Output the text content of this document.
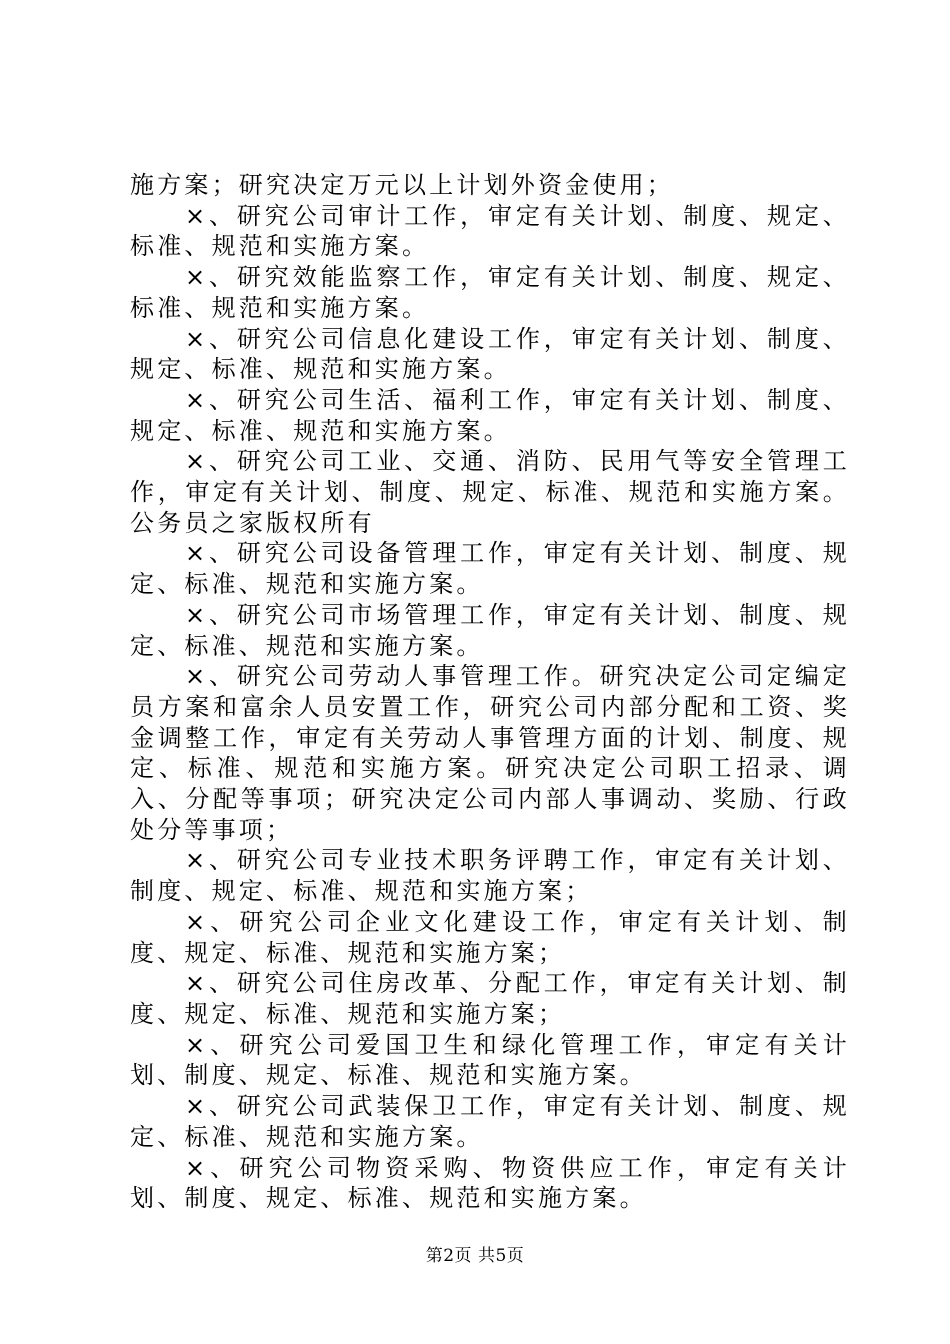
施方案；研究决定万元以上计划外资金使用；

×、研究公司审计工作，审定有关计划、制度、规定、标准、规范和实施方案。

×、研究效能监察工作，审定有关计划、制度、规定、标准、规范和实施方案。

×、研究公司信息化建设工作，审定有关计划、制度、规定、标准、规范和实施方案。

×、研究公司生活、福利工作，审定有关计划、制度、规定、标准、规范和实施方案。

×、研究公司工业、交通、消防、民用气等安全管理工作，审定有关计划、制度、规定、标准、规范和实施方案。公务员之家版权所有

×、研究公司设备管理工作，审定有关计划、制度、规定、标准、规范和实施方案。

×、研究公司市场管理工作，审定有关计划、制度、规定、标准、规范和实施方案。

×、研究公司劳动人事管理工作。研究决定公司定编定员方案和富余人员安置工作，研究公司内部分配和工资、奖金调整工作，审定有关劳动人事管理方面的计划、制度、规定、标准、规范和实施方案。研究决定公司职工招录、调入、分配等事项；研究决定公司内部人事调动、奖励、行政处分等事项；

×、研究公司专业技术职务评聘工作，审定有关计划、制度、规定、标准、规范和实施方案；

×、研究公司企业文化建设工作，审定有关计划、制度、规定、标准、规范和实施方案；

×、研究公司住房改革、分配工作，审定有关计划、制度、规定、标准、规范和实施方案；

×、研究公司爱国卫生和绿化管理工作，审定有关计划、制度、规定、标准、规范和实施方案。

×、研究公司武装保卫工作，审定有关计划、制度、规定、标准、规范和实施方案。

×、研究公司物资采购、物资供应工作，审定有关计划、制度、规定、标准、规范和实施方案。

第2页 共5页
